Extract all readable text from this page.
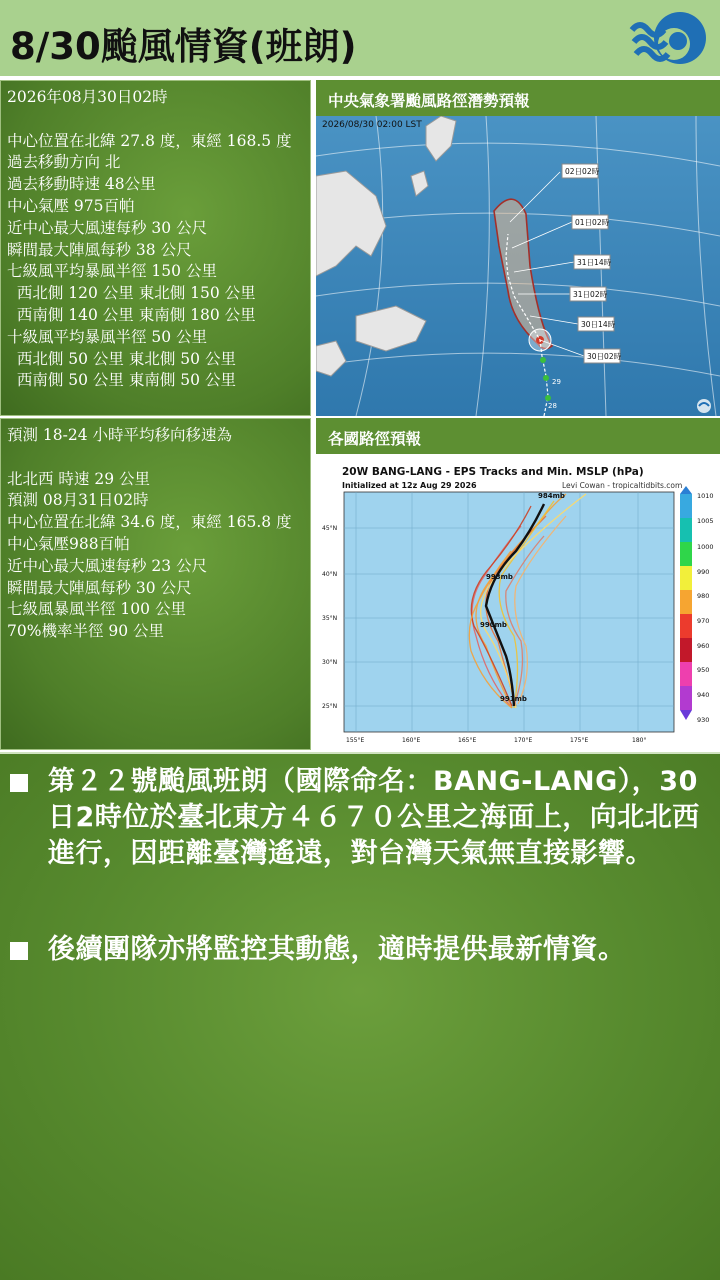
8/30颱風情資(班朗)
2026年08月30日02時

中心位置在北緯 27.8 度，東經 168.5 度
過去移動方向 北
過去移動時速 48公里
中心氣壓 975百帕
近中心最大風速每秒 30 公尺
瞬間最大陣風每秒 38 公尺
七級風平均暴風半徑 150 公里
西北側 120 公里 東北側 150 公里
西南側 140 公里 東南側 180 公里
十級風平均暴風半徑 50 公里
西北側 50 公里 東北側 50 公里
西南側 50 公里 東南側 50 公里
預測 18-24 小時平均移向移速為

北北西 時速 29 公里
預測 08月31日02時
中心位置在北緯 34.6 度，東經 165.8 度
中心氣壓988百帕
近中心最大風速每秒 23 公尺
瞬間最大陣風每秒 30 公尺
七級風暴風半徑 100 公里
70%機率半徑 90 公里
中央氣象署颱風路徑潛勢預報
2026/08/30 02:00 LST
29
28
02日02時
01日02時
31日14時
31日02時
30日14時
30日02時
各國路徑預報
20W BANG-LANG - EPS Tracks and Min. MSLP (hPa)
Initialized at 12z Aug 29 2026	Levi Cowan - tropicaltidbits.com
984mb
993mb
990mb
991mb
45°N
40°N
35°N
30°N
25°N
155°E	160°E	165°E	170°E	175°E	180°
1010
1005
1000
990
980
970
960
950
940
930
第２２號颱風班朗（國際命名：BANG-LANG），30日2時位於臺北東方４６７０公里之海面上，向北北西進行，因距離臺灣遙遠，對台灣天氣無直接影響。
後續團隊亦將監控其動態，適時提供最新情資。
